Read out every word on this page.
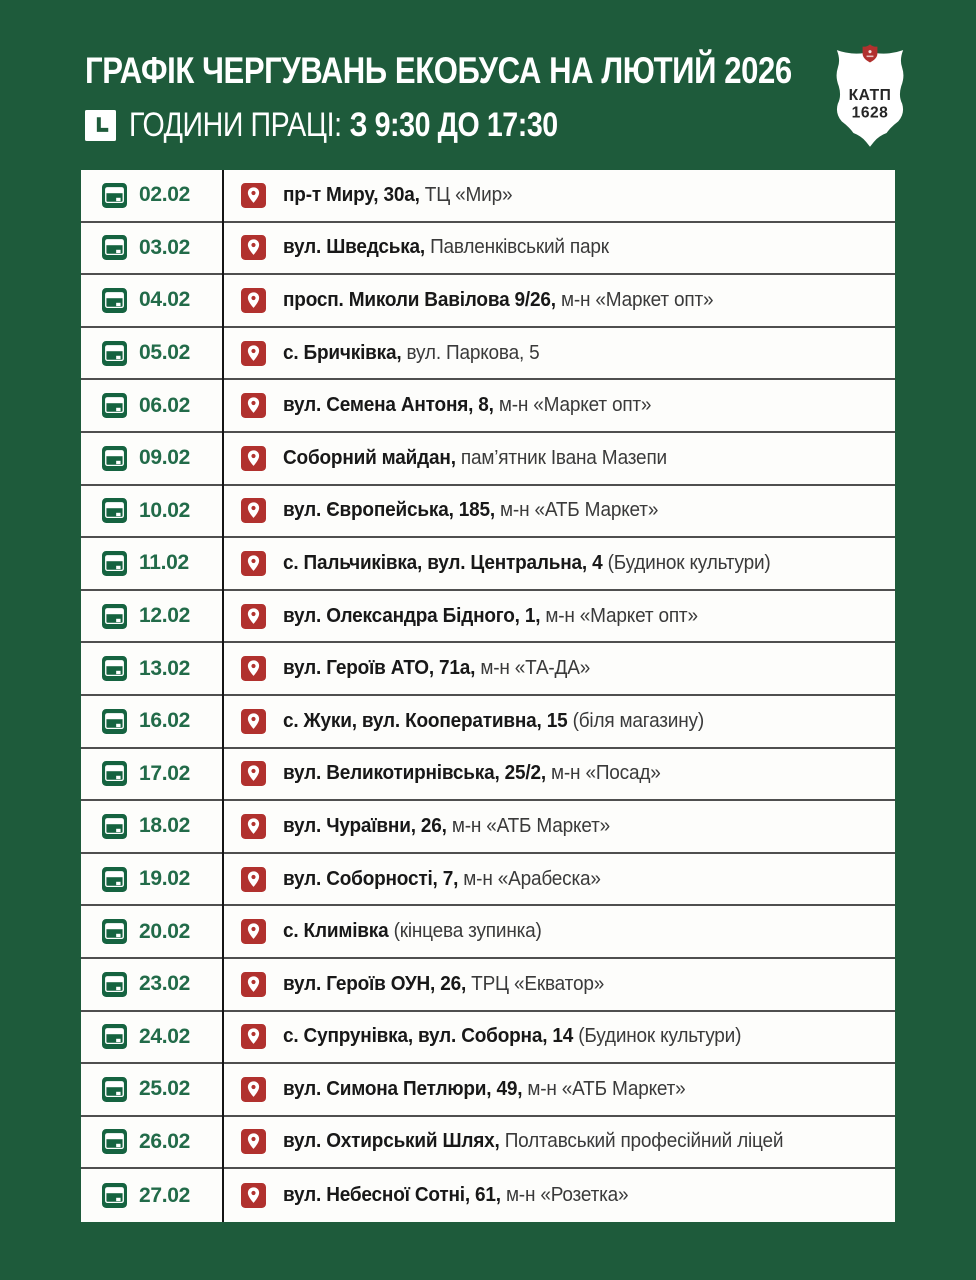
ГРАФІК ЧЕРГУВАНЬ ЕКОБУСА НА ЛЮТИЙ 2026
ГОДИНИ ПРАЦІ: З 9:30 ДО 17:30
КАТП
1628
02.02	пр-т Миру, 30а, ТЦ «Мир»
03.02	вул. Шведська, Павленківський парк
04.02	просп. Миколи Вавілова 9/26, м-н «Маркет опт»
05.02	с. Бричківка, вул. Паркова, 5
06.02	вул. Семена Антоня, 8, м-н «Маркет опт»
09.02	Соборний майдан, пам’ятник Івана Мазепи
10.02	вул. Європейська, 185, м-н «АТБ Маркет»
11.02	с. Пальчиківка, вул. Центральна, 4 (Будинок культури)
12.02	вул. Олександра Бідного, 1, м-н «Маркет опт»
13.02	вул. Героїв АТО, 71а, м-н «ТА-ДА»
16.02	с. Жуки, вул. Кооперативна, 15 (біля магазину)
17.02	вул. Великотирнівська, 25/2, м-н «Посад»
18.02	вул. Чураївни, 26, м-н «АТБ Маркет»
19.02	вул. Соборності, 7, м-н «Арабеска»
20.02	с. Климівка (кінцева зупинка)
23.02	вул. Героїв ОУН, 26, ТРЦ «Екватор»
24.02	с. Супрунівка, вул. Соборна, 14 (Будинок культури)
25.02	вул. Симона Петлюри, 49, м-н «АТБ Маркет»
26.02	вул. Охтирський Шлях, Полтавський професійний ліцей
27.02	вул. Небесної Сотні, 61, м-н «Розетка»
